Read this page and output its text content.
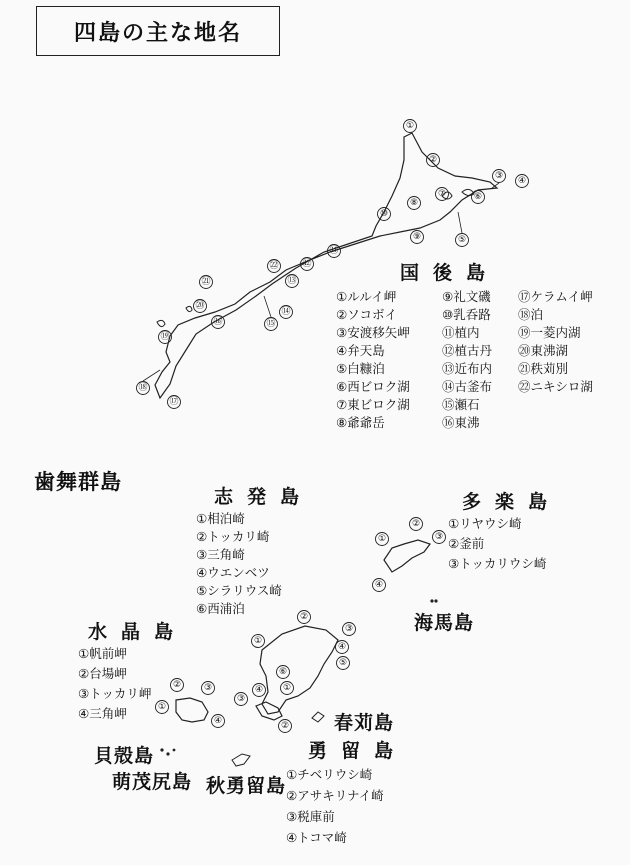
四島の主な地名
①
②
③ ④
⑤
⑥
⑦
⑧
⑨
⑩
⑪
⑫
⑬
⑭
⑮
⑯
⑰
⑱
⑲
⑳
㉑
㉒
①
②
③
④
⑤
⑥
①
②
③
④
①
②	③
④
①
②
③
④
国後島
歯舞群島
志発島	多楽島
海馬島
水晶島
春苅島
勇留島
貝殻島
萌茂尻島 秋勇留島
①ルルイ岬
②ソコボイ
③安渡移矢岬
④弁天島
⑤白糠泊
⑥西ビロク湖
⑦東ビロク湖
⑧爺爺岳
⑨礼文磯
⑩乳呑路
⑪植内
⑫植古丹
⑬近布内
⑭古釜布
⑮瀬石
⑯東沸
⑰ケラムイ岬
⑱泊
⑲一菱内湖
⑳東沸湖
㉑秩苅別
㉒ニキシロ湖
①相泊崎
②トッカリ崎
③三角崎
④ウエンベツ
⑤シラリウス崎
⑥西浦泊
①リヤウシ崎
②釜前
③トッカリウシ崎
①帆前岬
②台場岬
③トッカリ岬
④三角岬
①チベリウシ崎
②アサキリナイ崎
③税庫前
④トコマ崎
